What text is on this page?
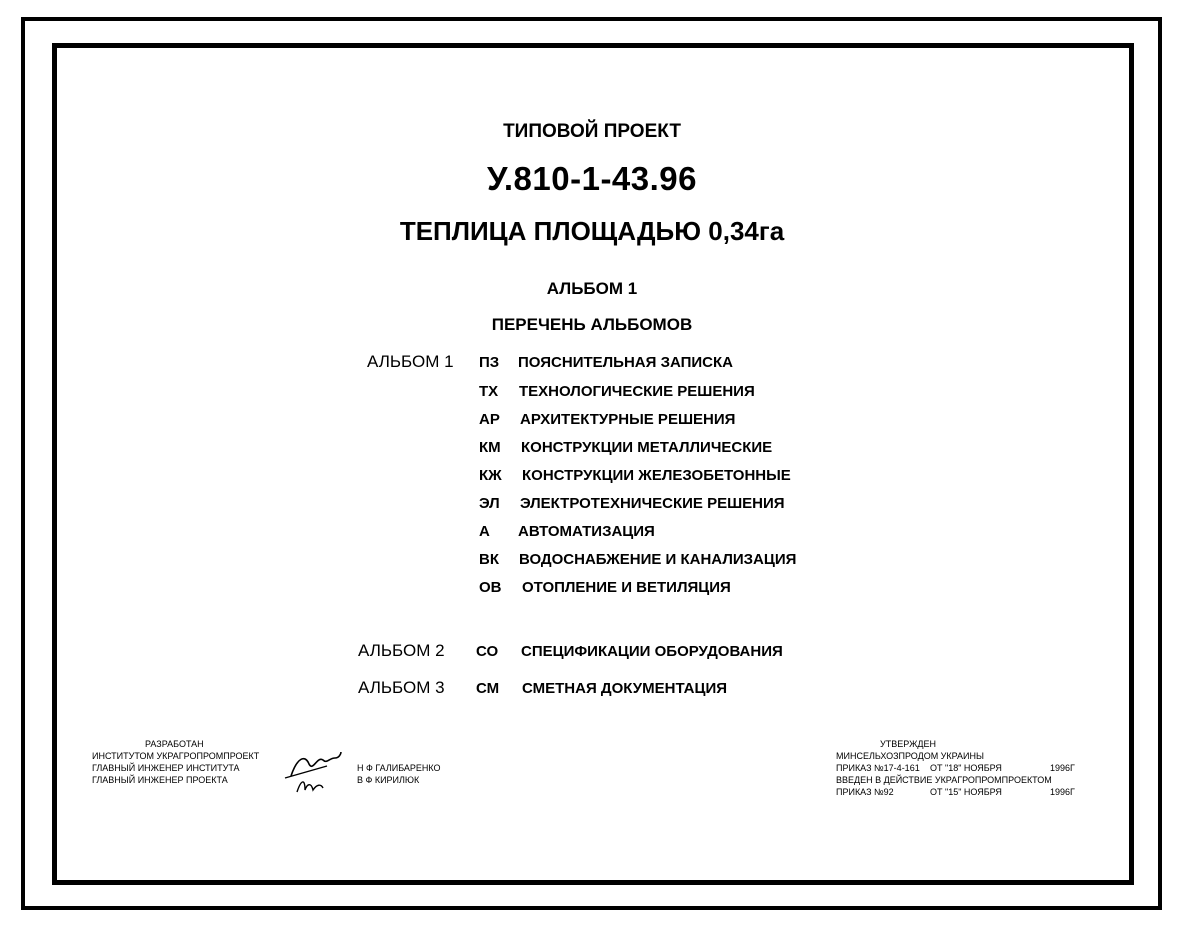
ТИПОВОЙ ПРОЕКТ
У.810-1-43.96
ТЕПЛИЦА ПЛОЩАДЬЮ 0,34га
АЛЬБОМ 1
ПЕРЕЧЕНЬ АЛЬБОМОВ
АЛЬБОМ 1 ПЗ ПОЯСНИТЕЛЬНАЯ ЗАПИСКА
ТХ ТЕХНОЛОГИЧЕСКИЕ РЕШЕНИЯ
АР АРХИТЕКТУРНЫЕ РЕШЕНИЯ
КМ КОНСТРУКЦИИ МЕТАЛЛИЧЕСКИЕ
КЖ КОНСТРУКЦИИ ЖЕЛЕЗОБЕТОННЫЕ
ЭЛ ЭЛЕКТРОТЕХНИЧЕСКИЕ РЕШЕНИЯ
А АВТОМАТИЗАЦИЯ
ВК ВОДОСНАБЖЕНИЕ И КАНАЛИЗАЦИЯ
ОВ ОТОПЛЕНИЕ И ВЕТИЛЯЦИЯ
АЛЬБОМ 2 СО СПЕЦИФИКАЦИИ ОБОРУДОВАНИЯ
АЛЬБОМ 3 СМ СМЕТНАЯ ДОКУМЕНТАЦИЯ
РАЗРАБОТАН
ИНСТИТУТОМ УКРАГРОПРОМПРОЕКТ
ГЛАВНЫЙ ИНЖЕНЕР ИНСТИТУТА
ГЛАВНЫЙ ИНЖЕНЕР ПРОЕКТА
Н Ф ГАЛИБАРЕНКО
В Ф КИРИЛЮК
УТВЕРЖДЕН
МИНСЕЛЬХОЗПРОДОМ УКРАИНЫ
ПРИКАЗ №17-4-161 ОТ "18" НОЯБРЯ	1996Г
ВВЕДЕН В ДЕЙСТВИЕ УКРАГРОПРОМПРОЕКТОМ
ПРИКАЗ №92	ОТ "15" НОЯБРЯ	1996Г
